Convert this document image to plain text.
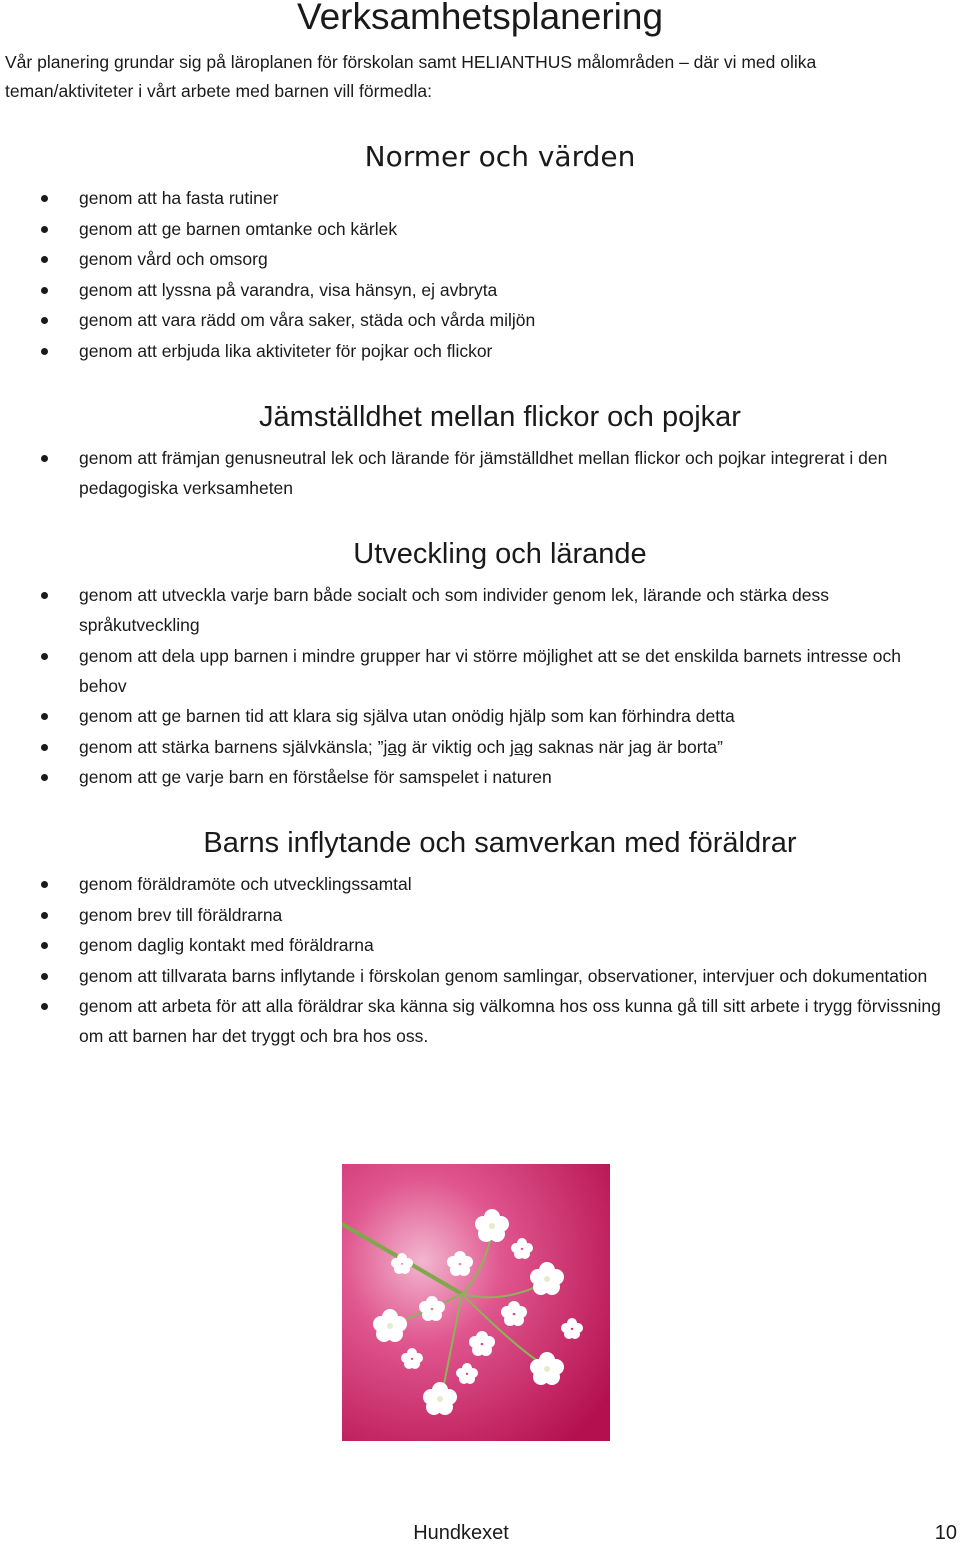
Verksamhetsplanering

Vår planering grundar sig på läroplanen för förskolan samt HELIANTHUS målområden – där vi med olika teman/aktiviteter i vårt arbete med barnen vill förmedla:

Normer och värden
genom att ha fasta rutiner
genom att ge barnen omtanke och kärlek
genom vård och omsorg
genom att lyssna på varandra, visa hänsyn, ej avbryta
genom att vara rädd om våra saker, städa och vårda miljön
genom att erbjuda lika aktiviteter för pojkar och flickor
Jämställdhet mellan flickor och pojkar
genom att främjan genusneutral lek och lärande för jämställdhet mellan flickor och pojkar integrerat i den pedagogiska verksamheten
Utveckling och lärande
genom att utveckla varje barn både socialt och som individer genom lek, lärande och stärka dess språkutveckling
genom att dela upp barnen i mindre grupper har vi större möjlighet att se det enskilda barnets intresse och behov
genom att ge barnen tid att klara sig själva utan onödig hjälp som kan förhindra detta
genom att stärka barnens självkänsla; ”jag är viktig och jag saknas när jag är borta”
genom att ge varje barn en förståelse för samspelet i naturen
Barns inflytande och samverkan med föräldrar
genom föräldramöte och utvecklingssamtal
genom brev till föräldrarna
genom daglig kontakt med föräldrarna
genom att tillvarata barns inflytande i förskolan genom samlingar, observationer, intervjuer och dokumentation
genom att arbeta för att alla föräldrar ska känna sig välkomna hos oss kunna gå till sitt arbete i trygg förvissning om att barnen har det tryggt och bra hos oss.
Hundkexet	10
